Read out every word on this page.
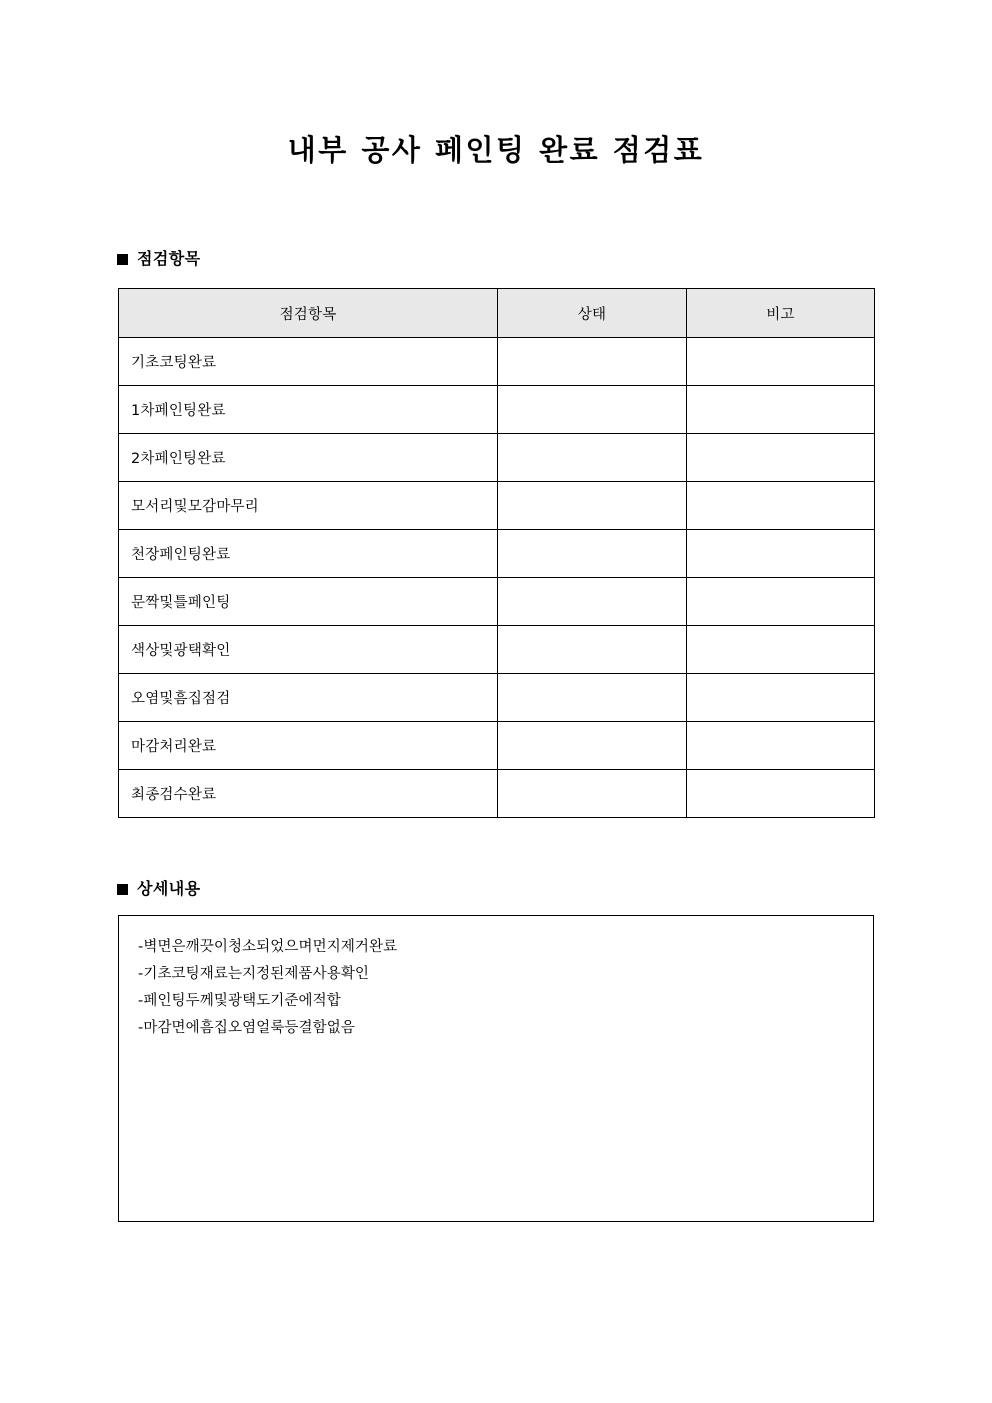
내부 공사 페인팅 완료 점검표
점검항목
점검항목	상태	비고
기초코팅완료		
1차페인팅완료		
2차페인팅완료		
모서리및모감마무리		
천장페인팅완료		
문짝및틀페인팅		
색상및광택확인		
오염및흠집점검		
마감처리완료		
최종검수완료		
상세내용
-벽면은깨끗이청소되었으며먼지제거완료
-기초코팅재료는지정된제품사용확인
-페인팅두께및광택도기준에적합
-마감면에흠집오염얼룩등결함없음
